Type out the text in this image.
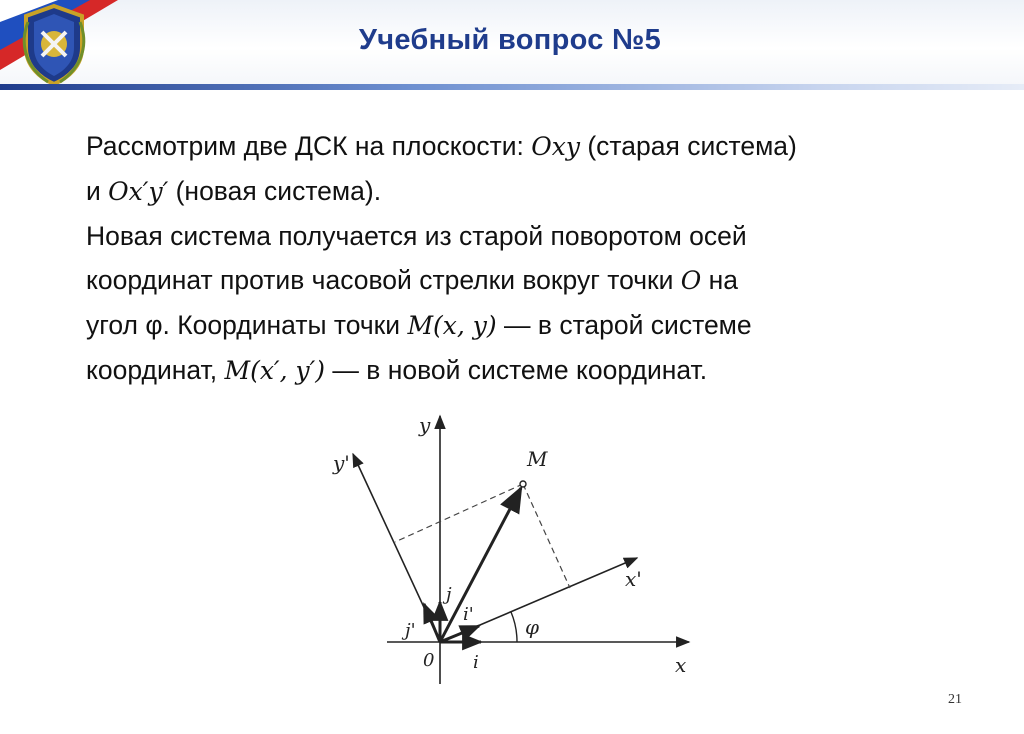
Учебный вопрос №5
Рассмотрим две ДСК на плоскости: Oxy (старая система)
и Ox′y′ (новая система).
Новая система получается из старой поворотом осей
координат против часовой стрелки вокруг точки O на
угол φ. Координаты точки M(x, y) — в старой системе
координат, M(x′, y′) — в новой системе координат.
y
y'
x
x'
M
0 i
j
i'
j'	φ
21
